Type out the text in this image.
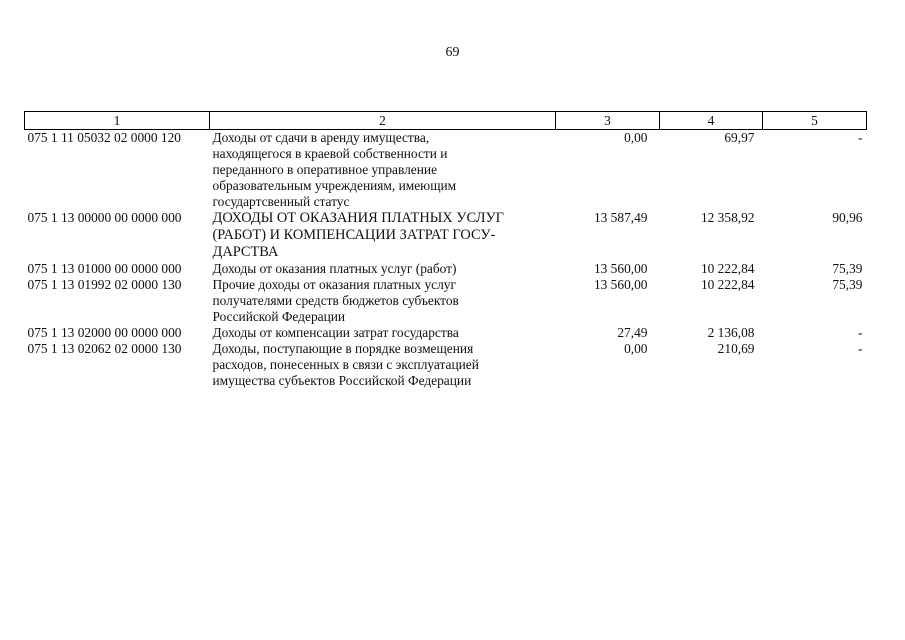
69
1	2	3	4	5
075 1 11 05032 02 0000 120	Доходы от сдачи в аренду имущества,
находящегося в краевой собственности и
переданного в оперативное управление
образовательным учреждениям, имеющим
государтсвенный статус	0,00	69,97	-
075 1 13 00000 00 0000 000	ДОХОДЫ ОТ ОКАЗАНИЯ ПЛАТНЫХ УСЛУГ
(РАБОТ) И КОМПЕНСАЦИИ ЗАТРАТ ГОСУ-
ДАРСТВА	13 587,49	12 358,92	90,96
075 1 13 01000 00 0000 000	Доходы от оказания платных услуг (работ)	13 560,00	10 222,84	75,39
075 1 13 01992 02 0000 130	Прочие доходы от оказания платных услуг
получателями средств бюджетов субъектов
Российской Федерации	13 560,00	10 222,84	75,39
075 1 13 02000 00 0000 000	Доходы от компенсации затрат государства	27,49	2 136,08	-
075 1 13 02062 02 0000 130	Доходы, поступающие в порядке возмещения
расходов, понесенных в связи с эксплуатацией
имущества субъектов Российской Федерации	0,00	210,69	-
